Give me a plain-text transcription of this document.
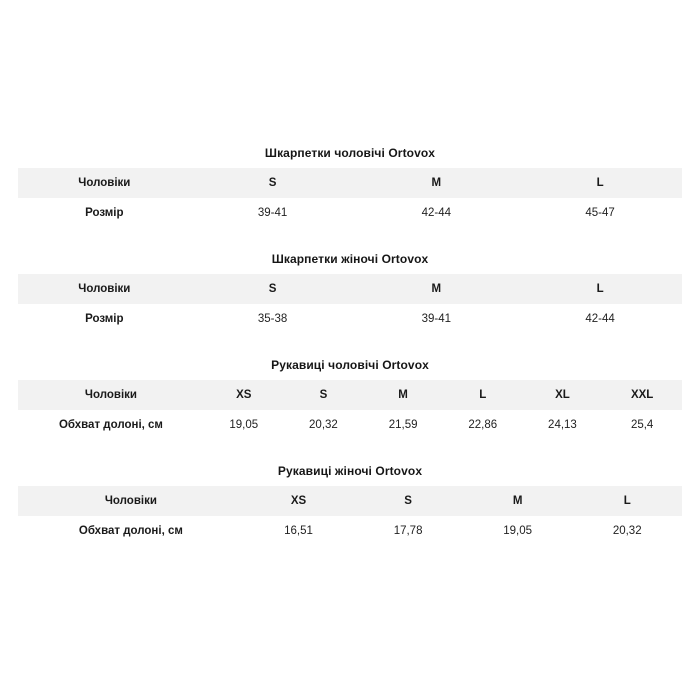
Шкарпетки чоловічі Ortovox
Чоловіки	S	M	L
Розмір	39-41	42-44	45-47
Шкарпетки жіночі Ortovox
Чоловіки	S	M	L
Розмір	35-38	39-41	42-44
Рукавиці чоловічі Ortovox
Чоловіки	XS	S	M	L	XL	XXL
Обхват долоні, см	19,05	20,32	21,59	22,86	24,13	25,4
Рукавиці жіночі Ortovox
Чоловіки	XS	S	M	L
Обхват долоні, см	16,51	17,78	19,05	20,32
